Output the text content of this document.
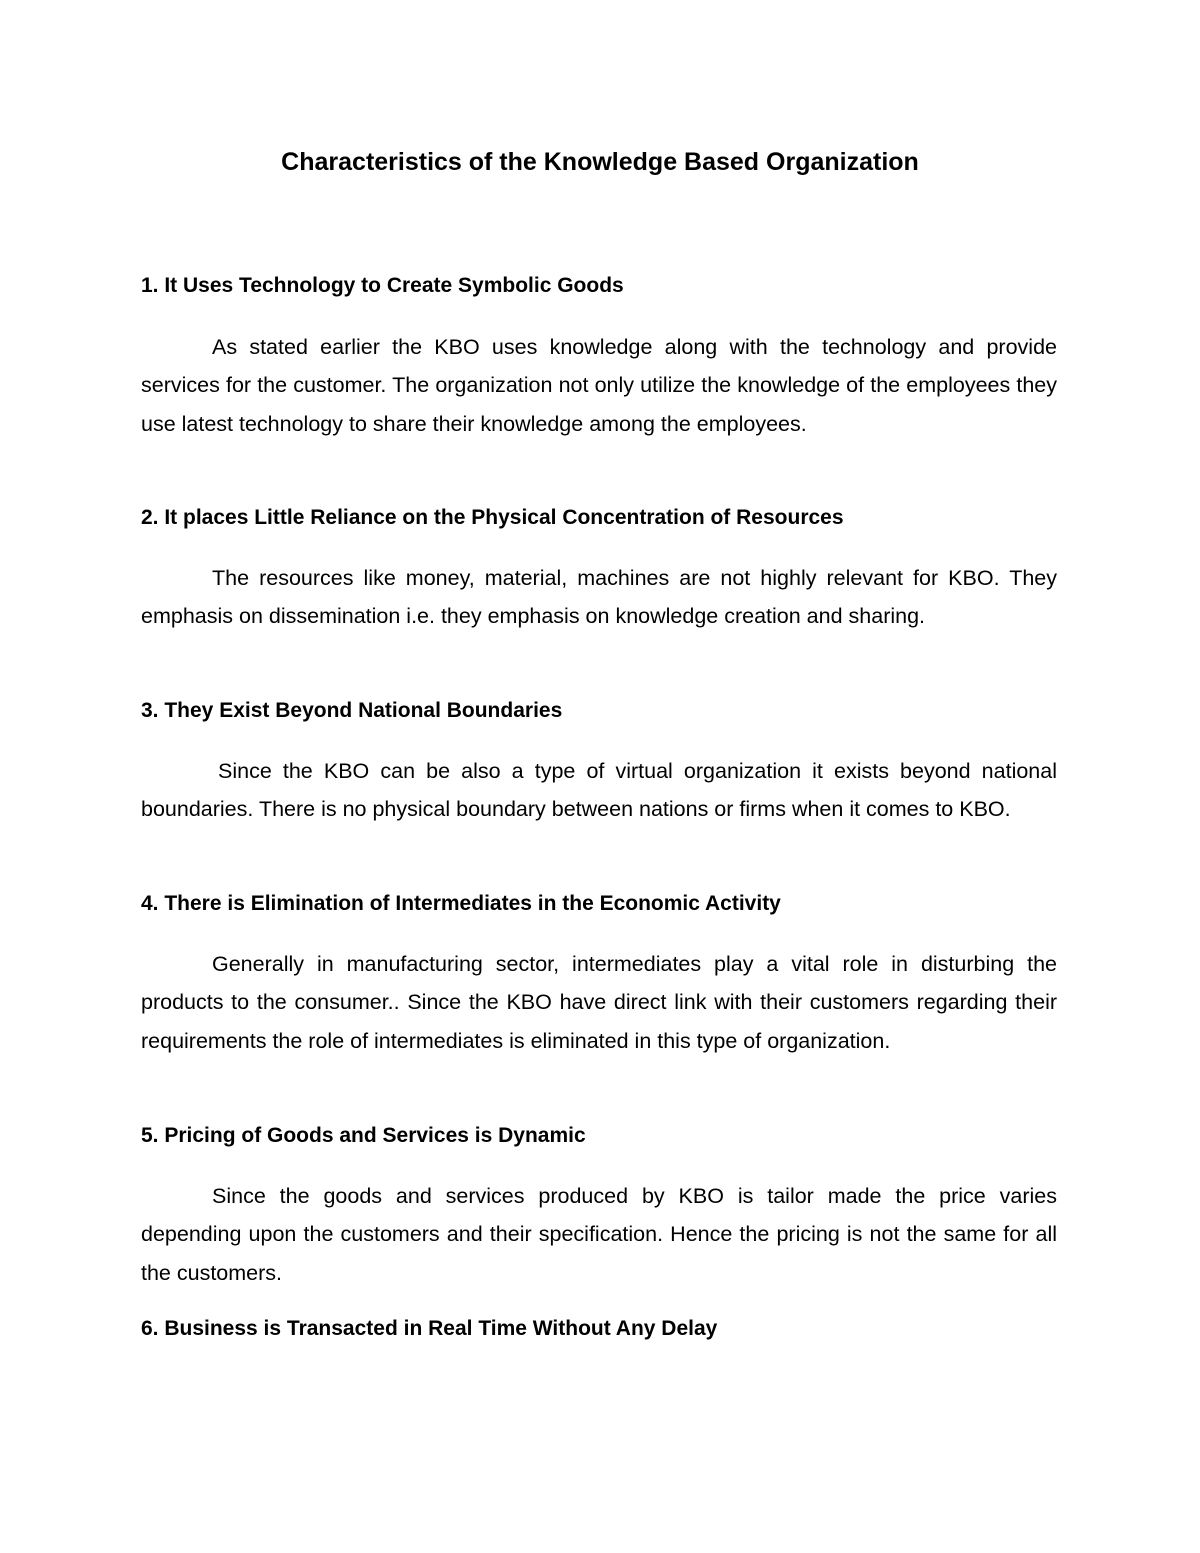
Characteristics of the Knowledge Based Organization
1. It Uses Technology to Create Symbolic Goods

As stated earlier the KBO uses knowledge along with the technology and provide services for the customer. The organization not only utilize the knowledge of the employees they use latest technology to share their knowledge among the employees.

2. It places Little Reliance on the Physical Concentration of Resources

The resources like money, material, machines are not highly relevant for KBO. They emphasis on dissemination i.e. they emphasis on knowledge creation and sharing.

3. They Exist Beyond National Boundaries

Since the KBO can be also a type of virtual organization it exists beyond national boundaries. There is no physical boundary between nations or firms when it comes to KBO.

4. There is Elimination of Intermediates in the Economic Activity

Generally in manufacturing sector, intermediates play a vital role in disturbing the products to the consumer.. Since the KBO have direct link with their customers regarding their requirements the role of intermediates is eliminated in this type of organization.

5. Pricing of Goods and Services is Dynamic

Since the goods and services produced by KBO is tailor made the price varies depending upon the customers and their specification. Hence the pricing is not the same for all the customers.

6. Business is Transacted in Real Time Without Any Delay
